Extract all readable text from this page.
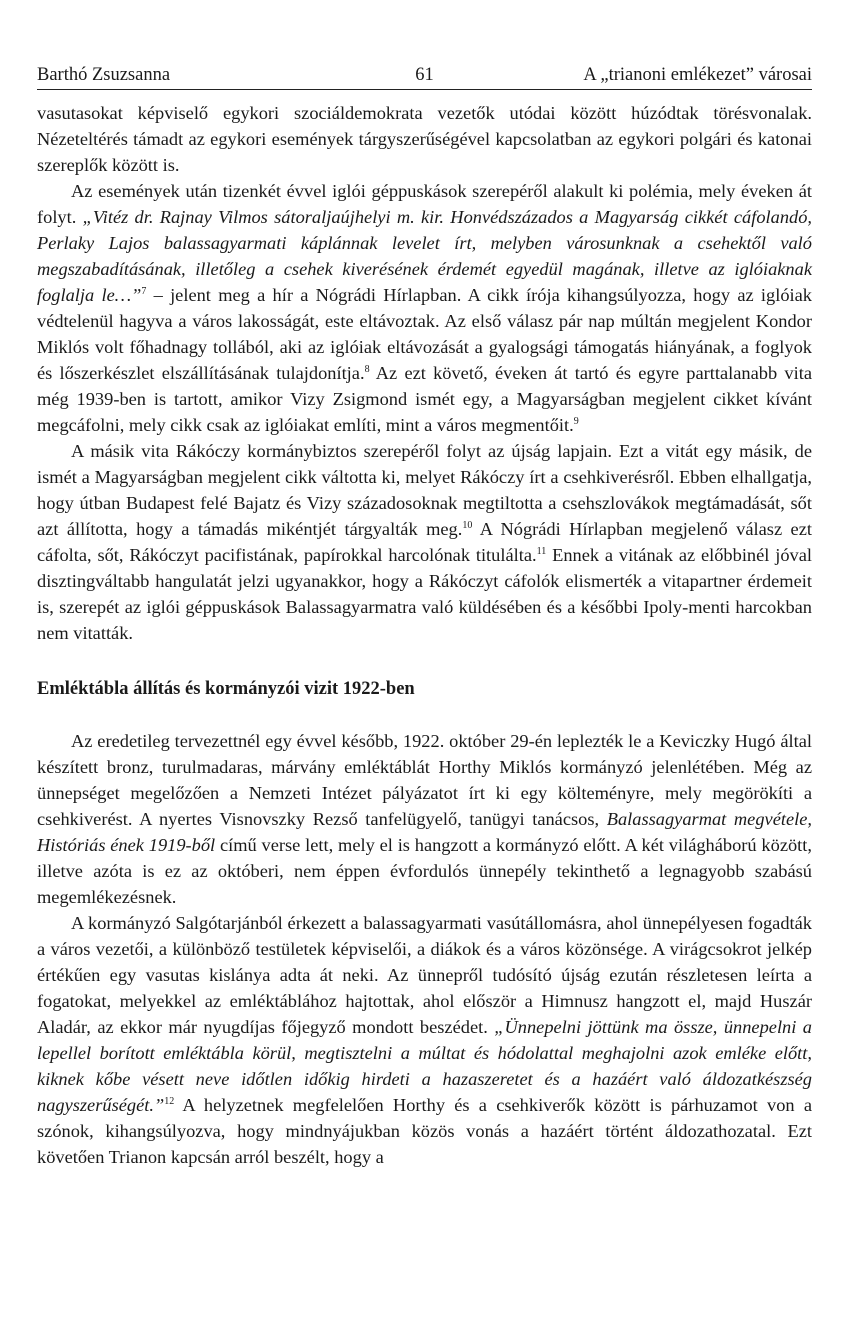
Barthó Zsuzsanna	61	A „trianoni emlékezet” városai

vasutasokat képviselő egykori szociáldemokrata vezetők utódai között húzódtak törésvonalak. Nézeteltérés támadt az egykori események tárgyszerűségével kapcsolatban az egykori polgári és katonai szereplők között is.

Az események után tizenkét évvel iglói géppuskások szerepéről alakult ki polémia, mely éveken át folyt. „Vitéz dr. Rajnay Vilmos sátoraljaújhelyi m. kir. Honvédszázados a Magyarság cikkét cáfolandó, Perlaky Lajos balassagyarmati káplánnak levelet írt, melyben városunknak a csehektől való megszabadításának, illetőleg a csehek kiverésének érdemét egyedül magának, illetve az iglóiaknak foglalja le…”$^7$ – jelent meg a hír a Nógrádi Hírlapban. A cikk írója kihangsúlyozza, hogy az iglóiak védtelenül hagyva a város lakosságát, este eltávoztak. Az első válasz pár nap múltán megjelent Kondor Miklós volt főhadnagy tollából, aki az iglóiak eltávozását a gyalogsági támogatás hiányának, a foglyok és lőszerkészlet elszállításának tulajdonítja.$^8$ Az ezt követő, éveken át tartó és egyre parttalanabb vita még 1939-ben is tartott, amikor Vizy Zsigmond ismét egy, a Magyarságban megjelent cikket kívánt megcáfolni, mely cikk csak az iglóiakat említi, mint a város megmentőit.$^9$

A másik vita Rákóczy kormánybiztos szerepéről folyt az újság lapjain. Ezt a vitát egy másik, de ismét a Magyarságban megjelent cikk váltotta ki, melyet Rákóczy írt a csehkiverésről. Ebben elhallgatja, hogy útban Budapest felé Bajatz és Vizy századosoknak megtiltotta a csehszlovákok megtámadását, sőt azt állította, hogy a támadás mikéntjét tárgyalták meg.$^{10}$ A Nógrádi Hírlapban megjelenő válasz ezt cáfolta, sőt, Rákóczyt pacifistának, papírokkal harcolónak titulálta.$^{11}$ Ennek a vitának az előbbinél jóval disztingváltabb hangulatát jelzi ugyanakkor, hogy a Rákóczyt cáfolók elismerték a vitapartner érdemeit is, szerepét az iglói géppuskások Balassagyarmatra való küldésében és a későbbi Ipoly-menti harcokban nem vitatták.

Emléktábla állítás és kormányzói vizit 1922-ben

Az eredetileg tervezettnél egy évvel később, 1922. október 29-én leplezték le a Keviczky Hugó által készített bronz, turulmadaras, márvány emléktáblát Horthy Miklós kormányzó jelenlétében. Még az ünnepséget megelőzően a Nemzeti Intézet pályázatot írt ki egy költeményre, mely megörökíti a csehkiverést. A nyertes Visnovszky Rezső tanfelügyelő, tanügyi tanácsos, Balassagyarmat megvétele, Históriás ének 1919-ből című verse lett, mely el is hangzott a kormányzó előtt. A két világháború között, illetve azóta is ez az októberi, nem éppen évfordulós ünnepély tekinthető a legnagyobb szabású megemlékezésnek.

A kormányzó Salgótarjánból érkezett a balassagyarmati vasútállomásra, ahol ünnepélyesen fogadták a város vezetői, a különböző testületek képviselői, a diákok és a város közönsége. A virágcsokrot jelkép értékűen egy vasutas kislánya adta át neki. Az ünnepről tudósító újság ezután részletesen leírta a fogatokat, melyekkel az emléktáblához hajtottak, ahol először a Himnusz hangzott el, majd Huszár Aladár, az ekkor már nyugdíjas főjegyző mondott beszédet. „Ünnepelni jöttünk ma össze, ünnepelni a lepellel borított emléktábla körül, megtisztelni a múltat és hódolattal meghajolni azok emléke előtt, kiknek kőbe vésett neve időtlen időkig hirdeti a hazaszeretet és a hazáért való áldozatkészség nagyszerűségét.”$^{12}$ A helyzetnek megfelelően Horthy és a csehkiverők között is párhuzamot von a szónok, kihangsúlyozva, hogy mindnyájukban közös vonás a hazáért történt áldozathozatal. Ezt követően Trianon kapcsán arról beszélt, hogy a
